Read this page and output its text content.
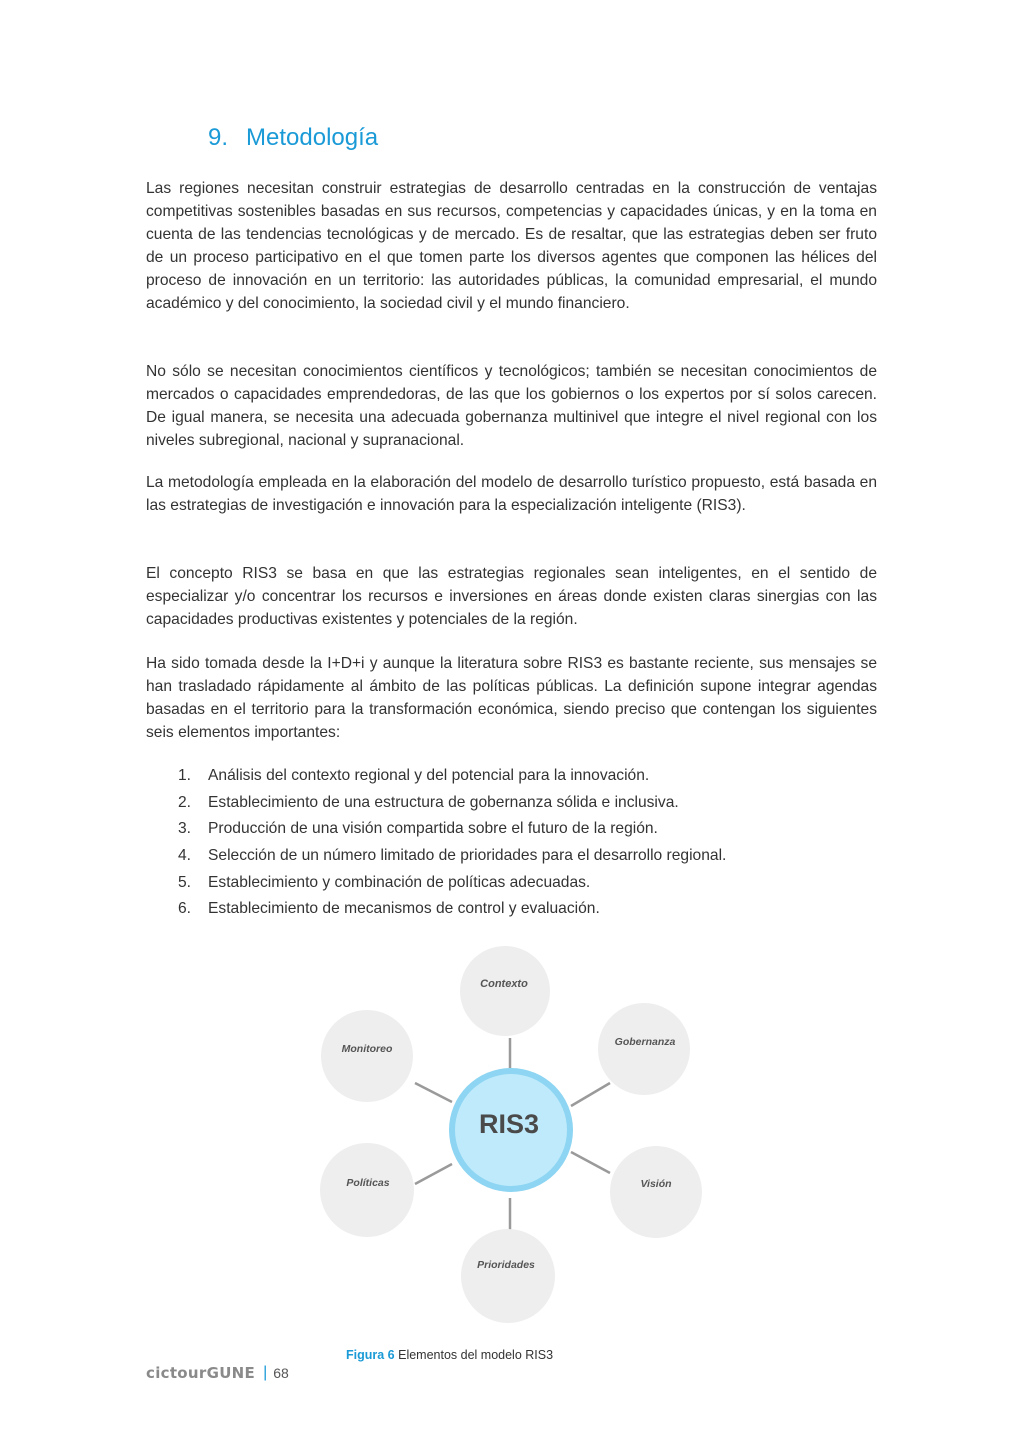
9. Metodología

Las regiones necesitan construir estrategias de desarrollo centradas en la construcción de ventajas competitivas sostenibles basadas en sus recursos, competencias y capacidades únicas, y en la toma en cuenta de las tendencias tecnológicas y de mercado. Es de resaltar, que las estrategias deben ser fruto de un proceso participativo en el que tomen parte los diversos agentes que componen las hélices del proceso de innovación en un territorio: las autoridades públicas, la comunidad empresarial, el mundo académico y del conocimiento, la sociedad civil y el mundo financiero.

No sólo se necesitan conocimientos científicos y tecnológicos; también se necesitan conocimientos de mercados o capacidades emprendedoras, de las que los gobiernos o los expertos por sí solos carecen. De igual manera, se necesita una adecuada gobernanza multinivel que integre el nivel regional con los niveles subregional, nacional y supranacional.

La metodología empleada en la elaboración del modelo de desarrollo turístico propuesto, está basada en las estrategias de investigación e innovación para la especialización inteligente (RIS3).

El concepto RIS3 se basa en que las estrategias regionales sean inteligentes, en el sentido de especializar y/o concentrar los recursos e inversiones en áreas donde existen claras sinergias con las capacidades productivas existentes y potenciales de la región.

Ha sido tomada desde la I+D+i y aunque la literatura sobre RIS3 es bastante reciente, sus mensajes se han trasladado rápidamente al ámbito de las políticas públicas. La definición supone integrar agendas basadas en el territorio para la transformación económica, siendo preciso que contengan los siguientes seis elementos importantes:

1.	Análisis del contexto regional y del potencial para la innovación.
2.	Establecimiento de una estructura de gobernanza sólida e inclusiva.
3.	Producción de una visión compartida sobre el futuro de la región.
4.	Selección de un número limitado de prioridades para el desarrollo regional.
5.	Establecimiento y combinación de políticas adecuadas.
6.	Establecimiento de mecanismos de control y evaluación.
Contexto
Gobernanza
Visión
Prioridades
Políticas
Monitoreo
RIS3
Figura 6 Elementos del modelo RIS3
cictourGUNE | 68
